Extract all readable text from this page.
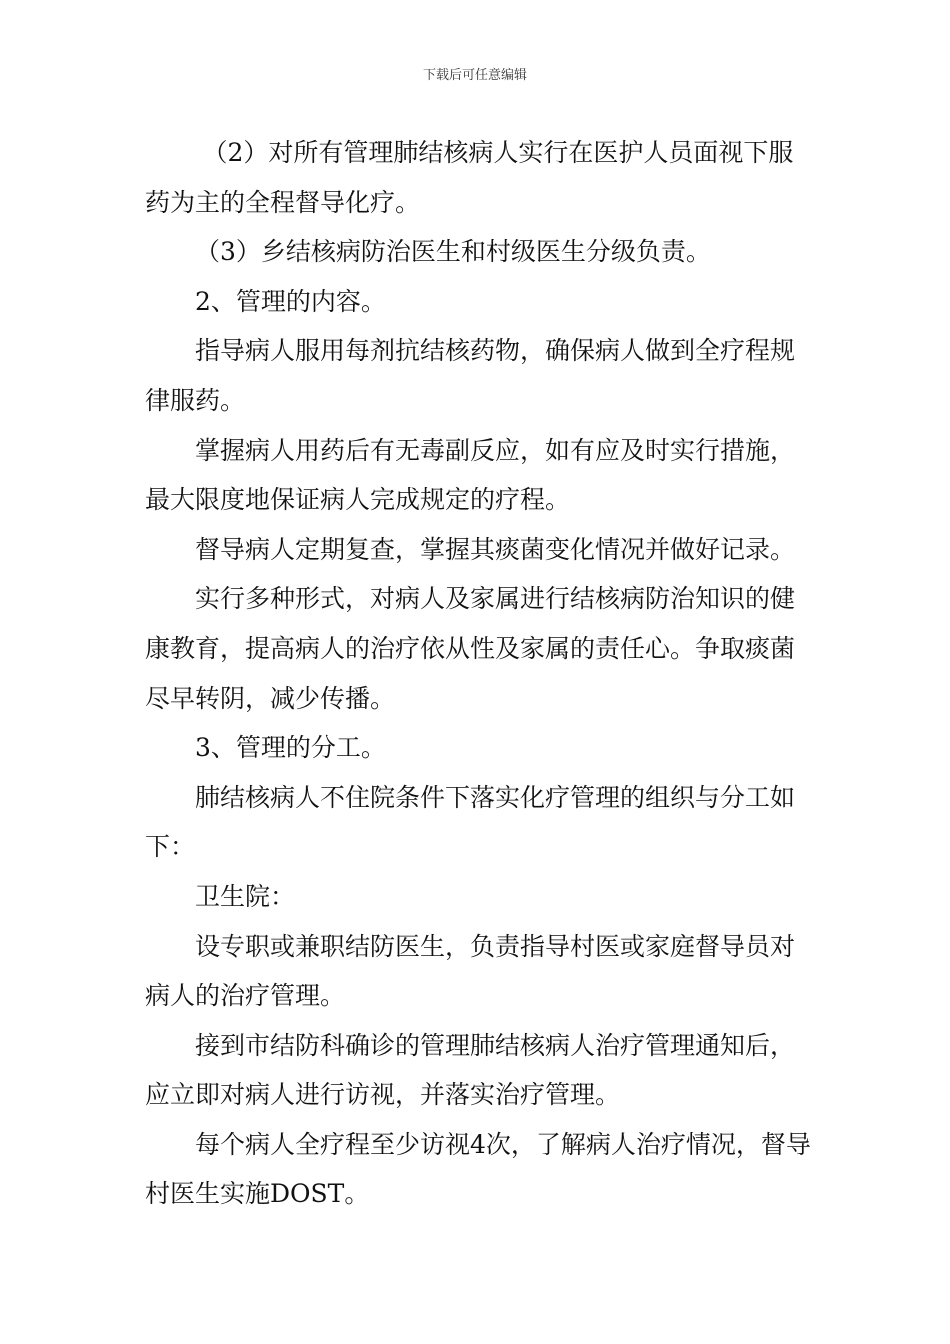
下载后可任意编辑

（2）对所有管理肺结核病人实行在医护人员面视下服药为主的全程督导化疗。

（3）乡结核病防治医生和村级医生分级负责。

2、管理的内容。

指导病人服用每剂抗结核药物，确保病人做到全疗程规律服药。

掌握病人用药后有无毒副反应，如有应及时实行措施，最大限度地保证病人完成规定的疗程。

督导病人定期复查，掌握其痰菌变化情况并做好记录。

实行多种形式，对病人及家属进行结核病防治知识的健康教育，提高病人的治疗依从性及家属的责任心。争取痰菌尽早转阴，减少传播。

3、管理的分工。

肺结核病人不住院条件下落实化疗管理的组织与分工如下：

卫生院：

设专职或兼职结防医生，负责指导村医或家庭督导员对病人的治疗管理。

接到市结防科确诊的管理肺结核病人治疗管理通知后，应立即对病人进行访视，并落实治疗管理。

每个病人全疗程至少访视4次，了解病人治疗情况，督导村医生实施DOST。
